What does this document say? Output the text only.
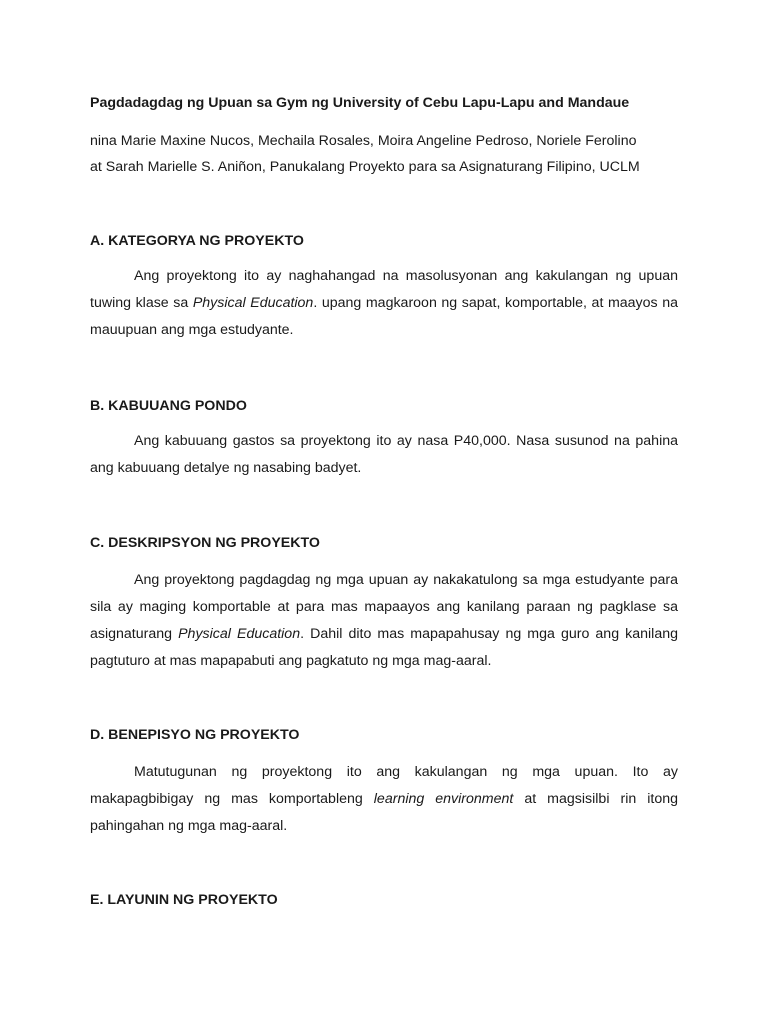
Pagdadagdag ng Upuan sa Gym ng University of Cebu Lapu-Lapu and Mandaue
nina Marie Maxine Nucos, Mechaila Rosales, Moira Angeline Pedroso, Noriele Ferolino
at Sarah Marielle S. Aniñon, Panukalang Proyekto para sa Asignaturang Filipino, UCLM
A. KATEGORYA NG PROYEKTO
Ang proyektong ito ay naghahangad na masolusyonan ang kakulangan ng upuan tuwing klase sa Physical Education. upang magkaroon ng sapat, komportable, at maayos na mauupuan ang mga estudyante.
B. KABUUANG PONDO
Ang kabuuang gastos sa proyektong ito ay nasa P40,000. Nasa susunod na pahina ang kabuuang detalye ng nasabing badyet.
C. DESKRIPSYON NG PROYEKTO
Ang proyektong pagdagdag ng mga upuan ay nakakatulong sa mga estudyante para sila ay maging komportable at para mas mapaayos ang kanilang paraan ng pagklase sa asignaturang Physical Education. Dahil dito mas mapapahusay ng mga guro ang kanilang pagtuturo at mas mapapabuti ang pagkatuto ng mga mag-aaral.
D. BENEPISYO NG PROYEKTO
Matutugunan ng proyektong ito ang kakulangan ng mga upuan. Ito ay makapagbibigay ng mas komportableng learning environment at magsisilbi rin itong pahingahan ng mga mag-aaral.
E. LAYUNIN NG PROYEKTO
